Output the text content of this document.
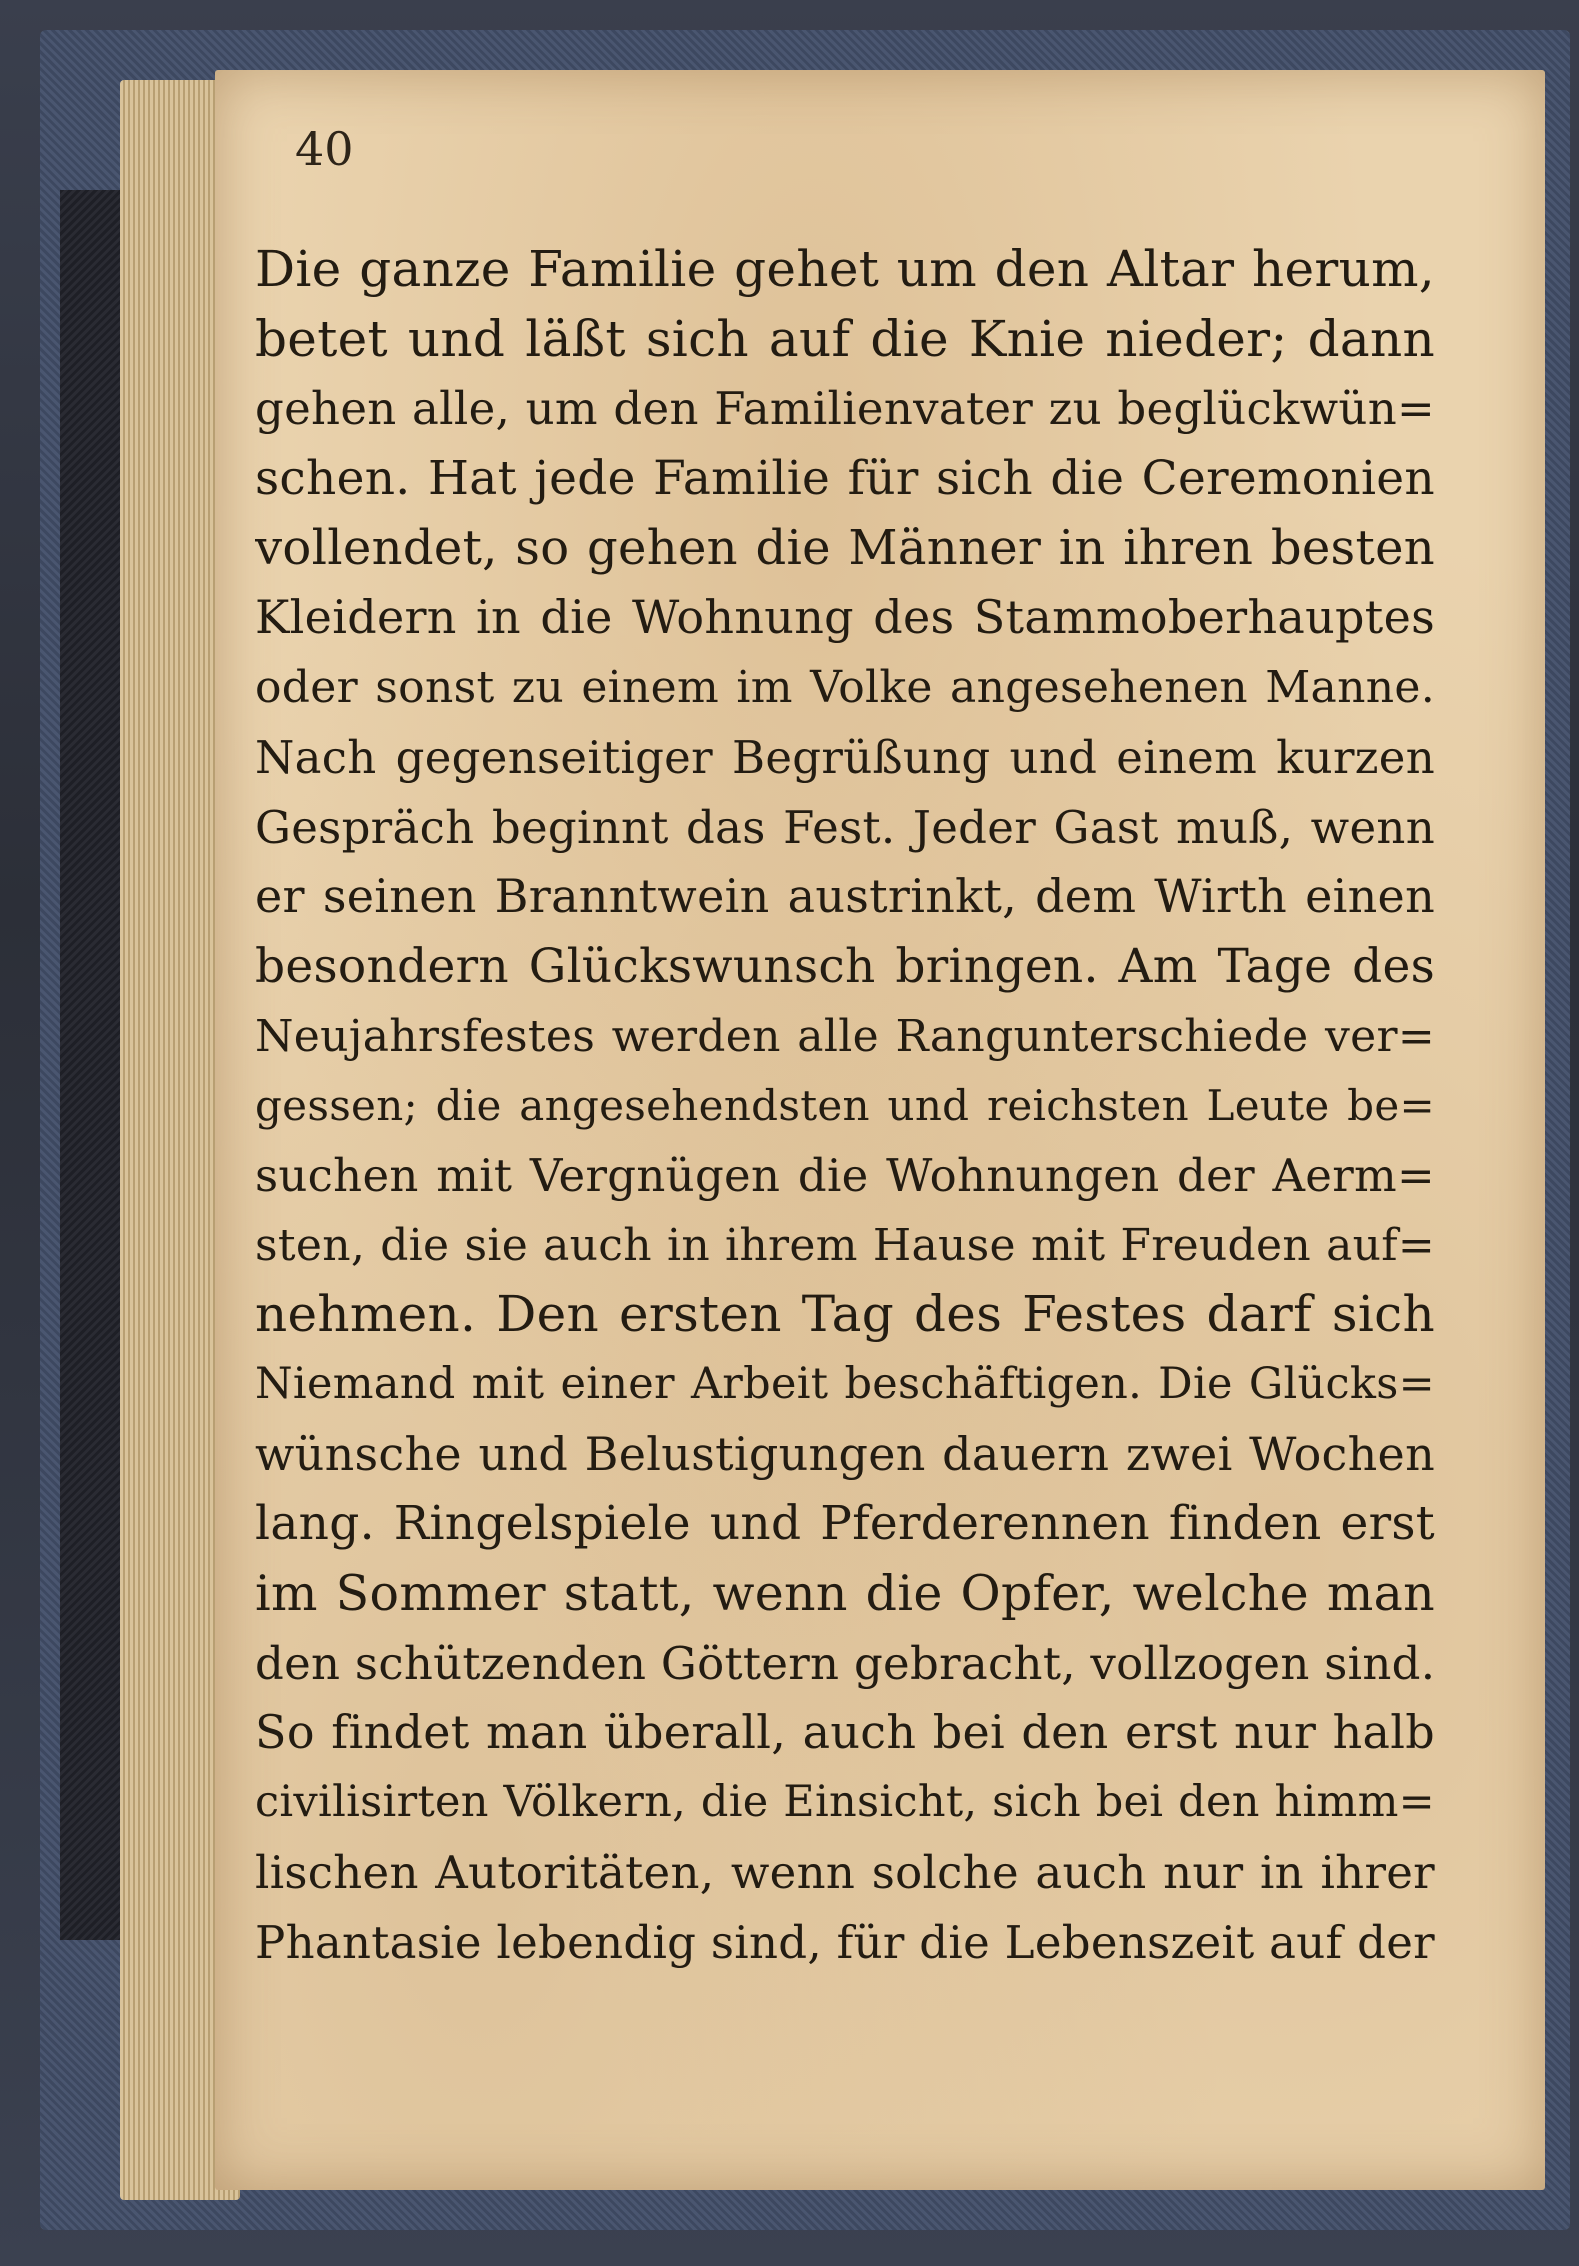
40

Die ganze Familie gehet um den Altar herum,
betet und läßt sich auf die Knie nieder; dann
gehen alle, um den Familienvater zu beglückwün=
schen. Hat jede Familie für sich die Ceremonien
vollendet, so gehen die Männer in ihren besten
Kleidern in die Wohnung des Stammoberhauptes
oder sonst zu einem im Volke angesehenen Manne.
Nach gegenseitiger Begrüßung und einem kurzen
Gespräch beginnt das Fest. Jeder Gast muß, wenn
er seinen Branntwein austrinkt, dem Wirth einen
besondern Glückswunsch bringen. Am Tage des
Neujahrsfestes werden alle Rangunterschiede ver=
gessen; die angesehendsten und reichsten Leute be=
suchen mit Vergnügen die Wohnungen der Aerm=
sten, die sie auch in ihrem Hause mit Freuden auf=
nehmen. Den ersten Tag des Festes darf sich
Niemand mit einer Arbeit beschäftigen. Die Glücks=
wünsche und Belustigungen dauern zwei Wochen
lang. Ringelspiele und Pferderennen finden erst
im Sommer statt, wenn die Opfer, welche man
den schützenden Göttern gebracht, vollzogen sind.
So findet man überall, auch bei den erst nur halb
civilisirten Völkern, die Einsicht, sich bei den himm=
lischen Autoritäten, wenn solche auch nur in ihrer
Phantasie lebendig sind, für die Lebenszeit auf der
